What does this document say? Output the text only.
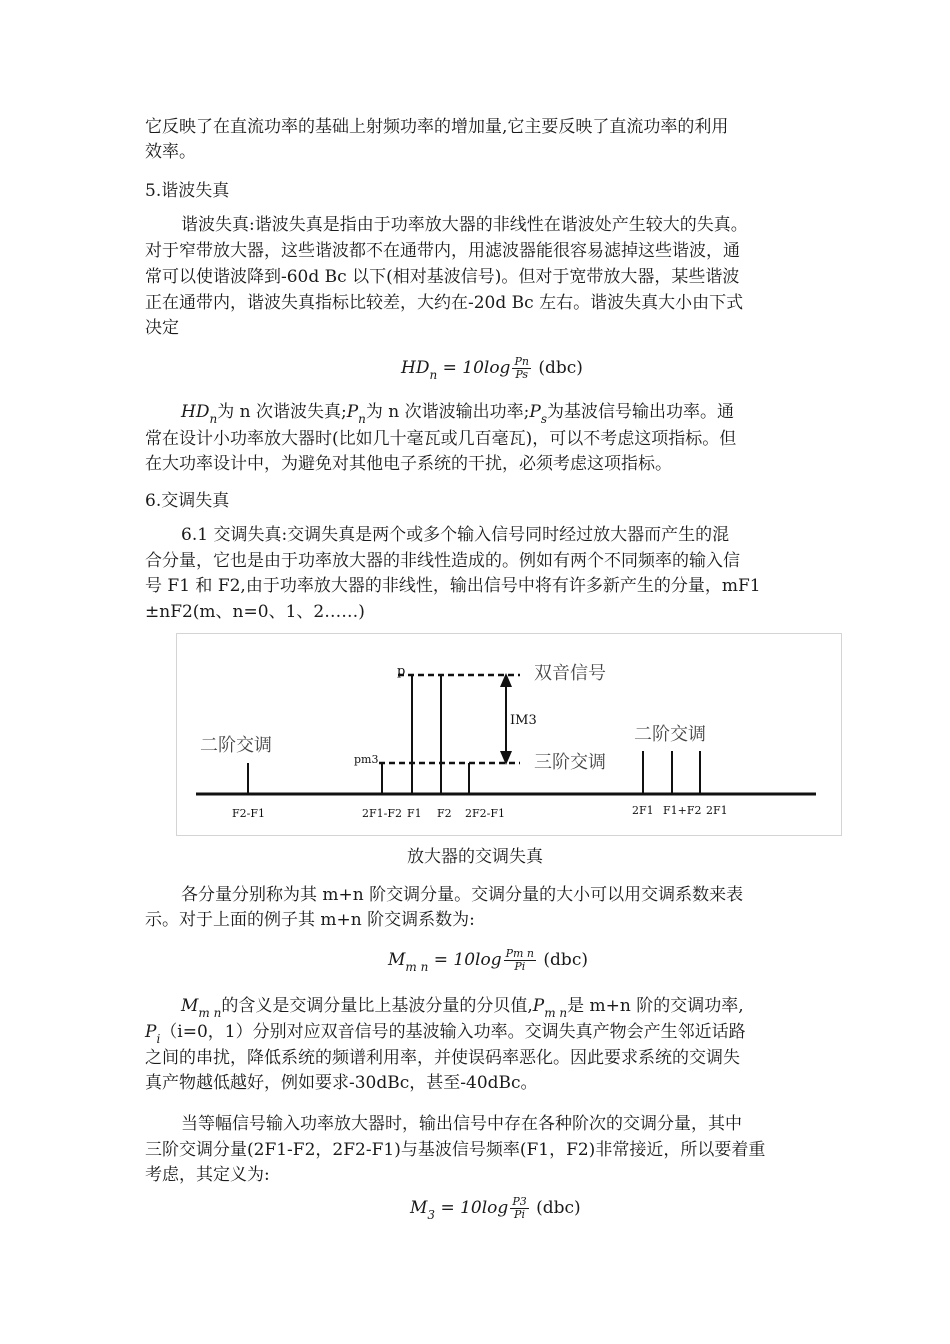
它反映了在直流功率的基础上射频功率的增加量,它主要反映了直流功率的利用
效率。
5.谐波失真
谐波失真:谐波失真是指由于功率放大器的非线性在谐波处产生较大的失真。
对于窄带放大器，这些谐波都不在通带内，用滤波器能很容易滤掉这些谐波，通
常可以使谐波降到-60d Bc 以下(相对基波信号)。但对于宽带放大器，某些谐波
正在通带内，谐波失真指标比较差，大约在-20d Bc 左右。谐波失真大小由下式
决定
$HD_n = 10\log \frac{Pn}{Ps} (dbc)$
$HD_n$为 n 次谐波失真$;P_n$为 n 次谐波输出功率$;P_s$为基波信号输出功率。通
常在设计小功率放大器时(比如几十毫瓦或几百毫瓦)，可以不考虑这项指标。但
在大功率设计中，为避免对其他电子系统的干扰，必须考虑这项指标。
6.交调失真
6.1 交调失真:交调失真是两个或多个输入信号同时经过放大器而产生的混
合分量，它也是由于功率放大器的非线性造成的。例如有两个不同频率的输入信
号 F1 和 F2,由于功率放大器的非线性，输出信号中将有许多新产生的分量，mF1
±nF2(m、n=0、1、2……)
p
pm3
双音信号
IM3
三阶交调
二阶交调
二阶交调
F2-F1	2F1-F2 F1 F2 2F2-F1	2F1 F1+F2 2F1
放大器的交调失真
各分量分别称为其 m+n 阶交调分量。交调分量的大小可以用交调系数来表
示。对于上面的例子其 m+n 阶交调系数为:
$M_{m n} = 10\log \frac{\text{Pm n}}{Pi} (dbc)$
$M_{m n}$的含义是交调分量比上基波分量的分贝值$,P_{m n}$是 m+n 阶的交调功率,
$P_i(i=0$，1）分别对应双音信号的基波输入功率。交调失真产物会产生邻近话路
之间的串扰，降低系统的频谱利用率，并使误码率恶化。因此要求系统的交调失
真产物越低越好，例如要求-30dBc，甚至-40dBc。
当等幅信号输入功率放大器时，输出信号中存在各种阶次的交调分量，其中
三阶交调分量(2F1-F2，2F2-F1)与基波信号频率(F1，F2)非常接近，所以要着重
考虑，其定义为:
$M_3 = 10\log \frac{P3}{Pi} (dbc)$
